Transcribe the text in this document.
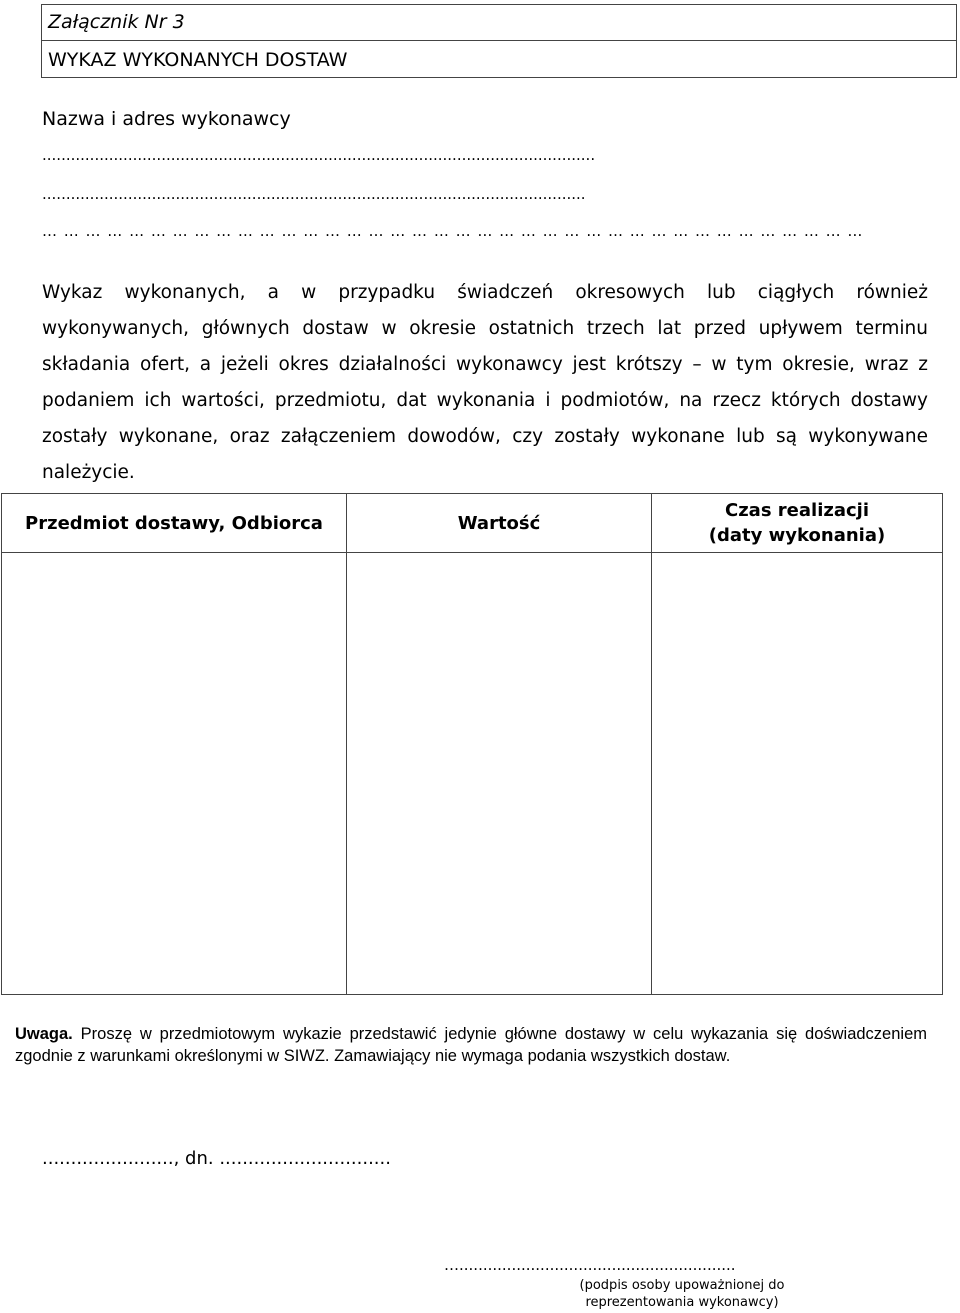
Załącznik Nr 3
WYKAZ WYKONANYCH DOSTAW
Nazwa i adres wykonawcy
....................................................................................................................
..................................................................................................................
… … … … … … … … … … … … … … … … … … … … … … … … … … … … … … … … … … … … … …
Wykaz wykonanych, a w przypadku świadczeń okresowych lub ciągłych również wykonywanych, głównych dostaw w okresie ostatnich trzech lat przed upływem terminu składania ofert, a jeżeli okres działalności wykonawcy jest krótszy – w tym okresie, wraz z podaniem ich wartości, przedmiotu, dat wykonania i podmiotów, na rzecz których dostawy zostały wykonane, oraz załączeniem dowodów, czy zostały wykonane lub są wykonywane należycie.
Przedmiot dostawy, Odbiorca	Wartość	Czas realizacji
(daty wykonania)

Uwaga. Proszę w przedmiotowym wykazie przedstawić jedynie główne dostawy w celu wykazania się doświadczeniem zgodnie z warunkami określonymi w SIWZ. Zamawiający nie wymaga podania wszystkich dostaw.
......................., dn. ..............................
…..........................................................
(podpis osoby upoważnionej do
reprezentowania wykonawcy)
